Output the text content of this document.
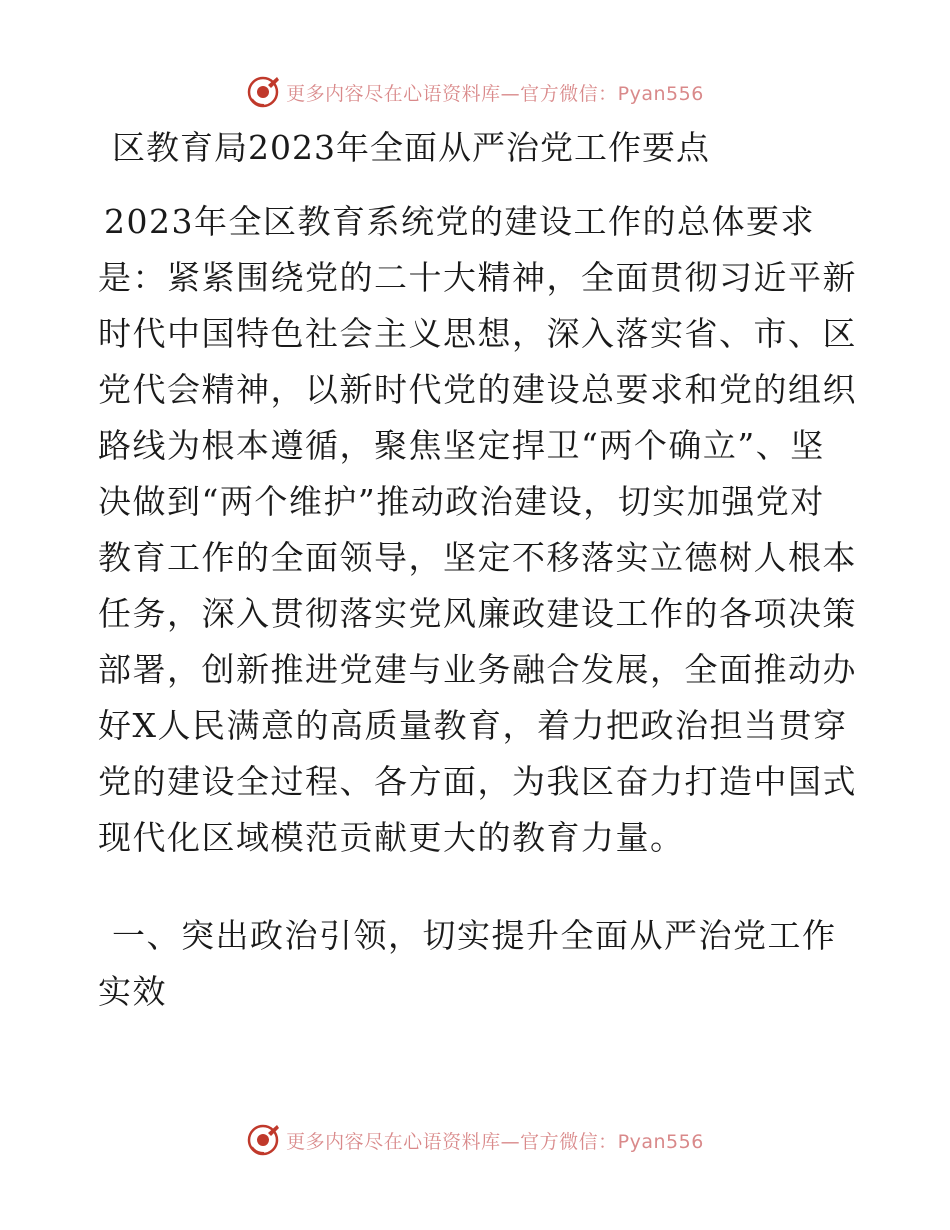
更多内容尽在心语资料库—官方微信：Pyan556
区教育局2023年全面从严治党工作要点
2023年全区教育系统党的建设工作的总体要求
是：紧紧围绕党的二十大精神，全面贯彻习近平新
时代中国特色社会主义思想，深入落实省、市、区
党代会精神，以新时代党的建设总要求和党的组织
路线为根本遵循，聚焦坚定捍卫“两个确立”、坚
决做到“两个维护”推动政治建设，切实加强党对
教育工作的全面领导，坚定不移落实立德树人根本
任务，深入贯彻落实党风廉政建设工作的各项决策
部署，创新推进党建与业务融合发展，全面推动办
好X人民满意的高质量教育，着力把政治担当贯穿
党的建设全过程、各方面，为我区奋力打造中国式
现代化区域模范贡献更大的教育力量。
一、突出政治引领，切实提升全面从严治党工作
实效
更多内容尽在心语资料库—官方微信：Pyan556
